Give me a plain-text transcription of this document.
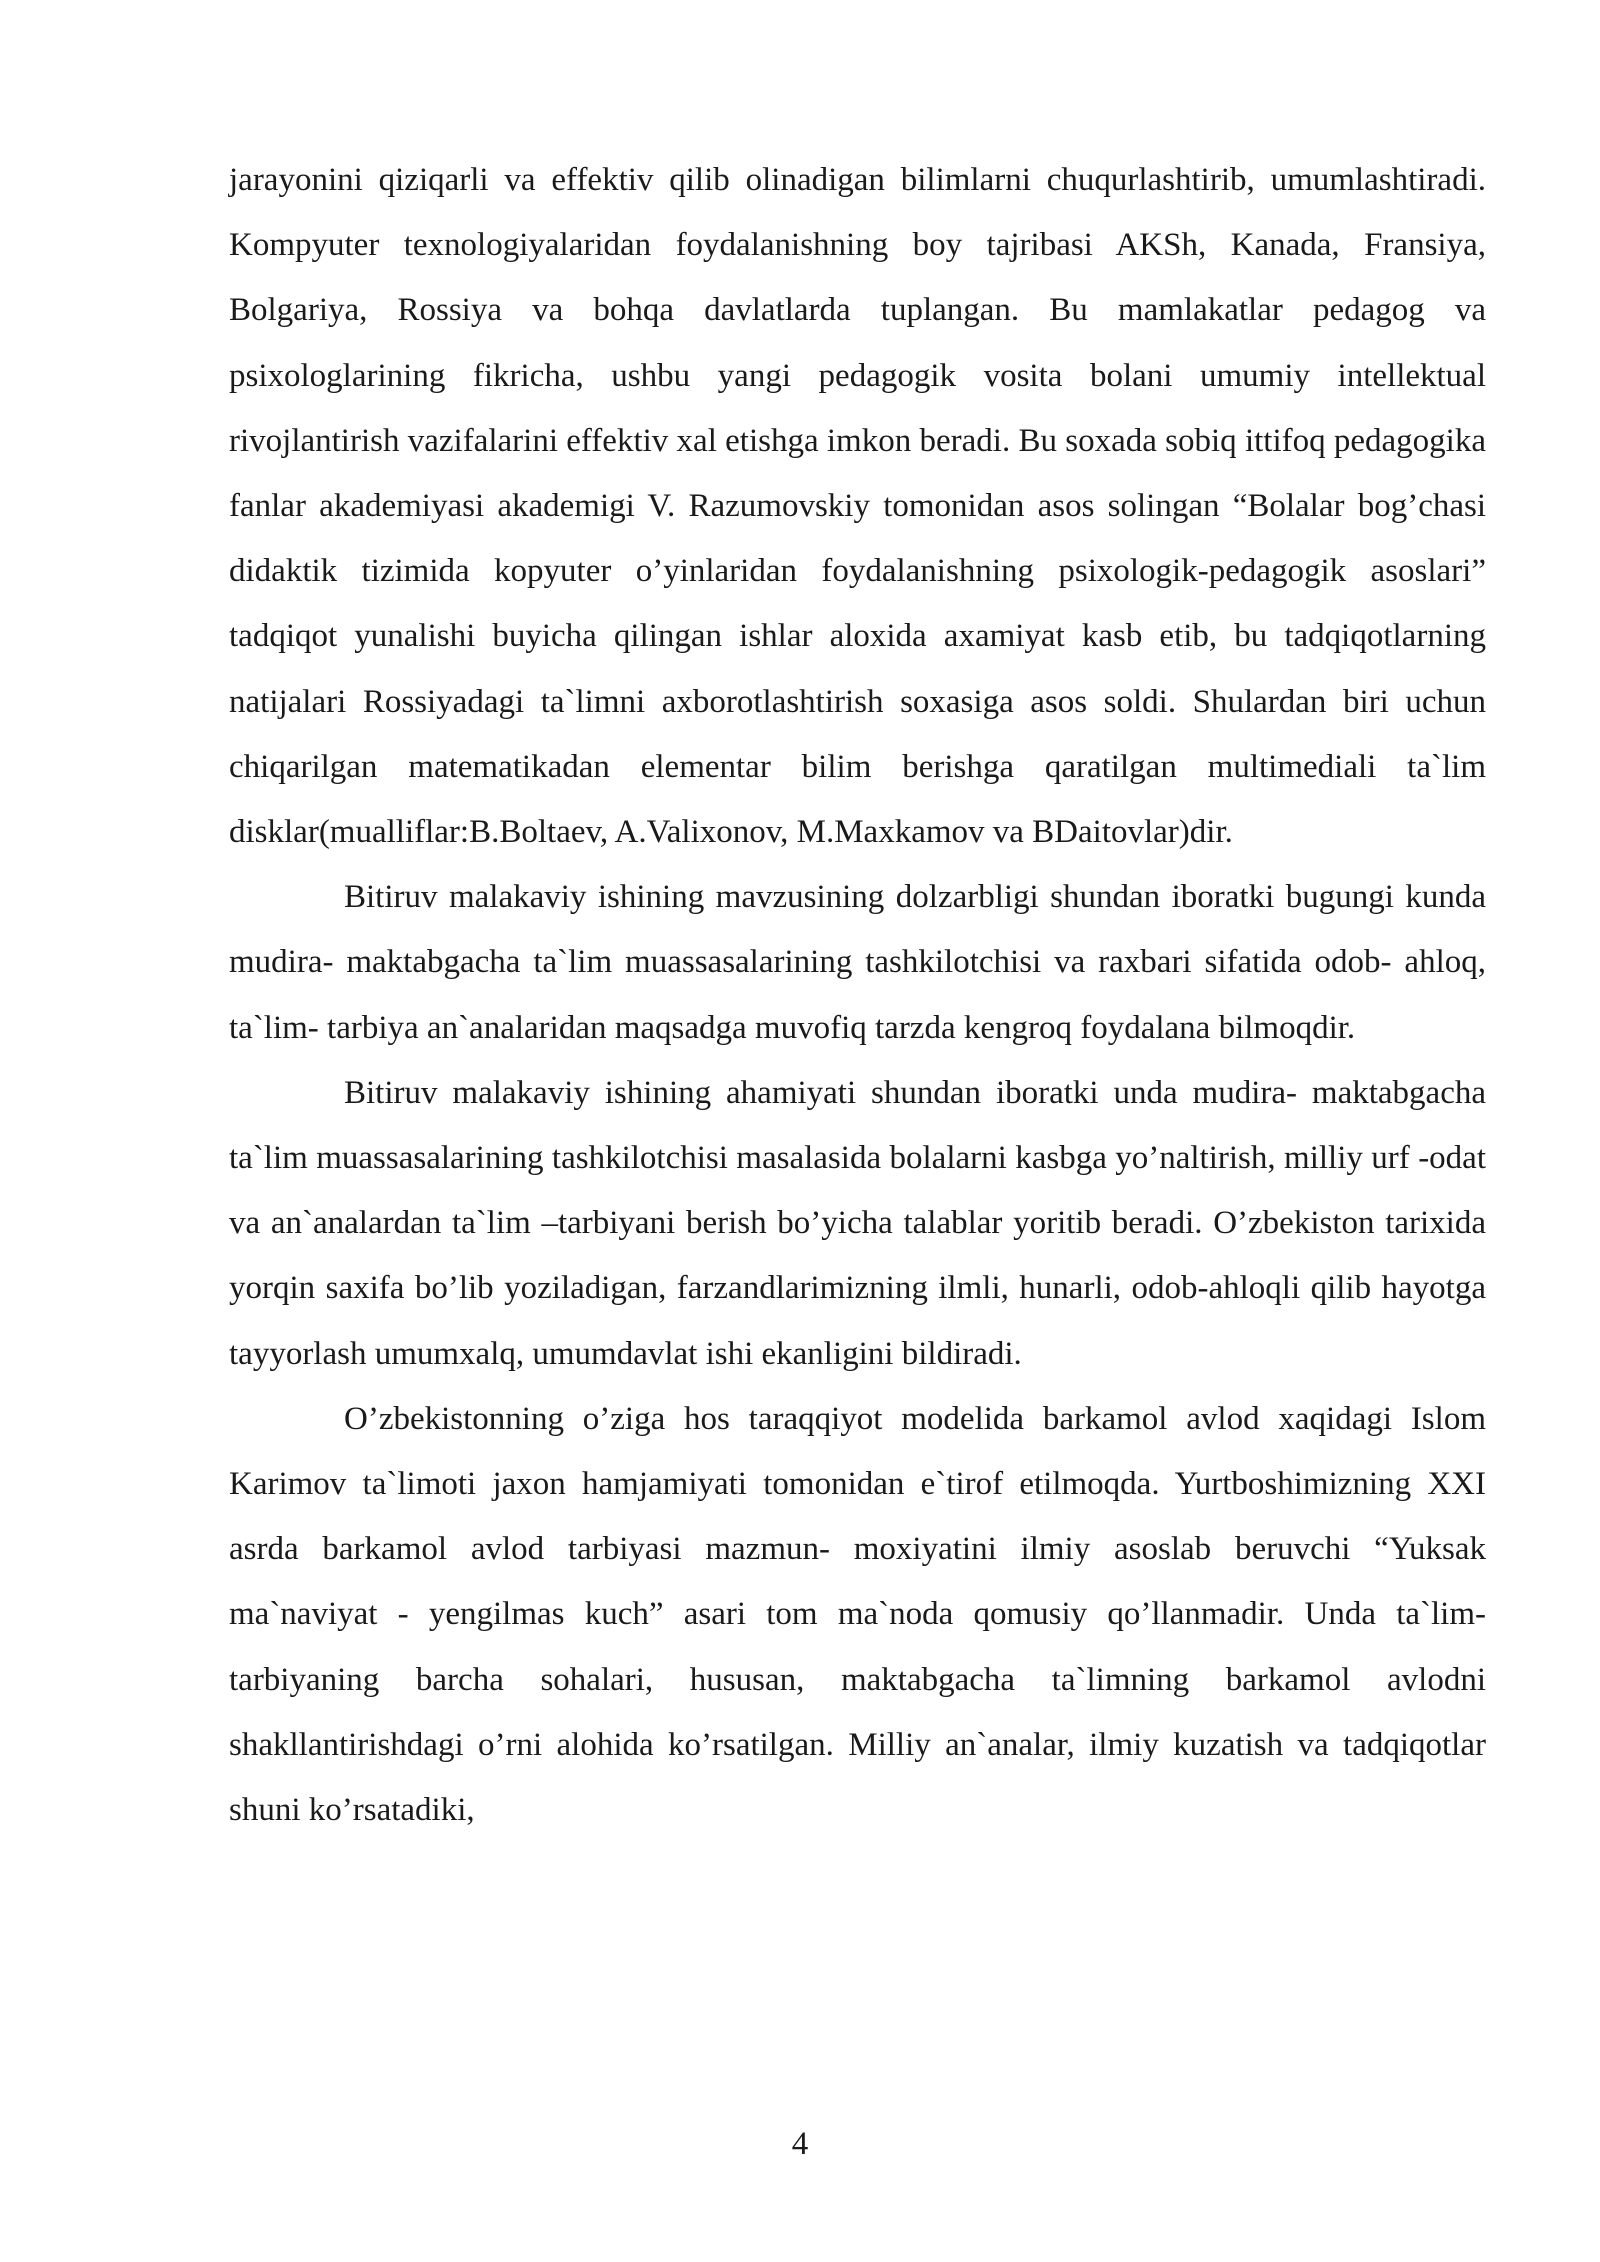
jarayonini qiziqarli va effektiv qilib olinadigan bilimlarni chuqurlashtirib, umumlashtiradi. Kompyuter texnologiyalaridan foydalanishning boy tajribasi AKSh, Kanada, Fransiya, Bolgariya, Rossiya va bohqa davlatlarda tuplangan. Bu mamlakatlar pedagog va psixologlarining fikricha, ushbu yangi pedagogik vosita bolani umumiy intellektual rivojlantirish vazifalarini effektiv xal etishga imkon beradi. Bu soxada sobiq ittifoq pedagogika fanlar akademiyasi akademigi V. Razumovskiy tomonidan asos solingan “Bolalar bog’chasi didaktik tizimida kopyuter o’yinlaridan foydalanishning psixologik-pedagogik asoslari” tadqiqot yunalishi buyicha qilingan ishlar aloxida axamiyat kasb etib, bu tadqiqotlarning natijalari Rossiyadagi ta`limni axborotlashtirish soxasiga asos soldi. Shulardan biri uchun chiqarilgan matematikadan elementar bilim berishga qaratilgan multimediali ta`lim disklar(mualliflar:B.Boltaev, A.Valixonov, M.Maxkamov va BDaitovlar)dir.

Bitiruv malakaviy ishining mavzusining dolzarbligi shundan iboratki bugungi kunda mudira- maktabgacha ta`lim muassasalarining tashkilotchisi va raxbari sifatida odob- ahloq, ta`lim- tarbiya an`analaridan maqsadga muvofiq tarzda kengroq foydalana bilmoqdir.

Bitiruv malakaviy ishining ahamiyati shundan iboratki unda mudira- maktabgacha ta`lim muassasalarining tashkilotchisi masalasida bolalarni kasbga yo’naltirish, milliy urf -odat va an`analardan ta`lim –tarbiyani berish bo’yicha talablar yoritib beradi. O’zbekiston tarixida yorqin saxifa bo’lib yoziladigan, farzandlarimizning ilmli, hunarli, odob-ahloqli qilib hayotga tayyorlash umumxalq, umumdavlat ishi ekanligini bildiradi.

O’zbekistonning o’ziga hos taraqqiyot modelida barkamol avlod xaqidagi Islom Karimov ta`limoti jaxon hamjamiyati tomonidan e`tirof etilmoqda. Yurtboshimizning XXI asrda barkamol avlod tarbiyasi mazmun- moxiyatini ilmiy asoslab beruvchi “Yuksak ma`naviyat - yengilmas kuch” asari tom ma`noda qomusiy qo’llanmadir. Unda ta`lim-tarbiyaning barcha sohalari, hususan, maktabgacha ta`limning barkamol avlodni shakllantirishdagi o’rni alohida ko’rsatilgan. Milliy an`analar, ilmiy kuzatish va tadqiqotlar shuni ko’rsatadiki,

4
